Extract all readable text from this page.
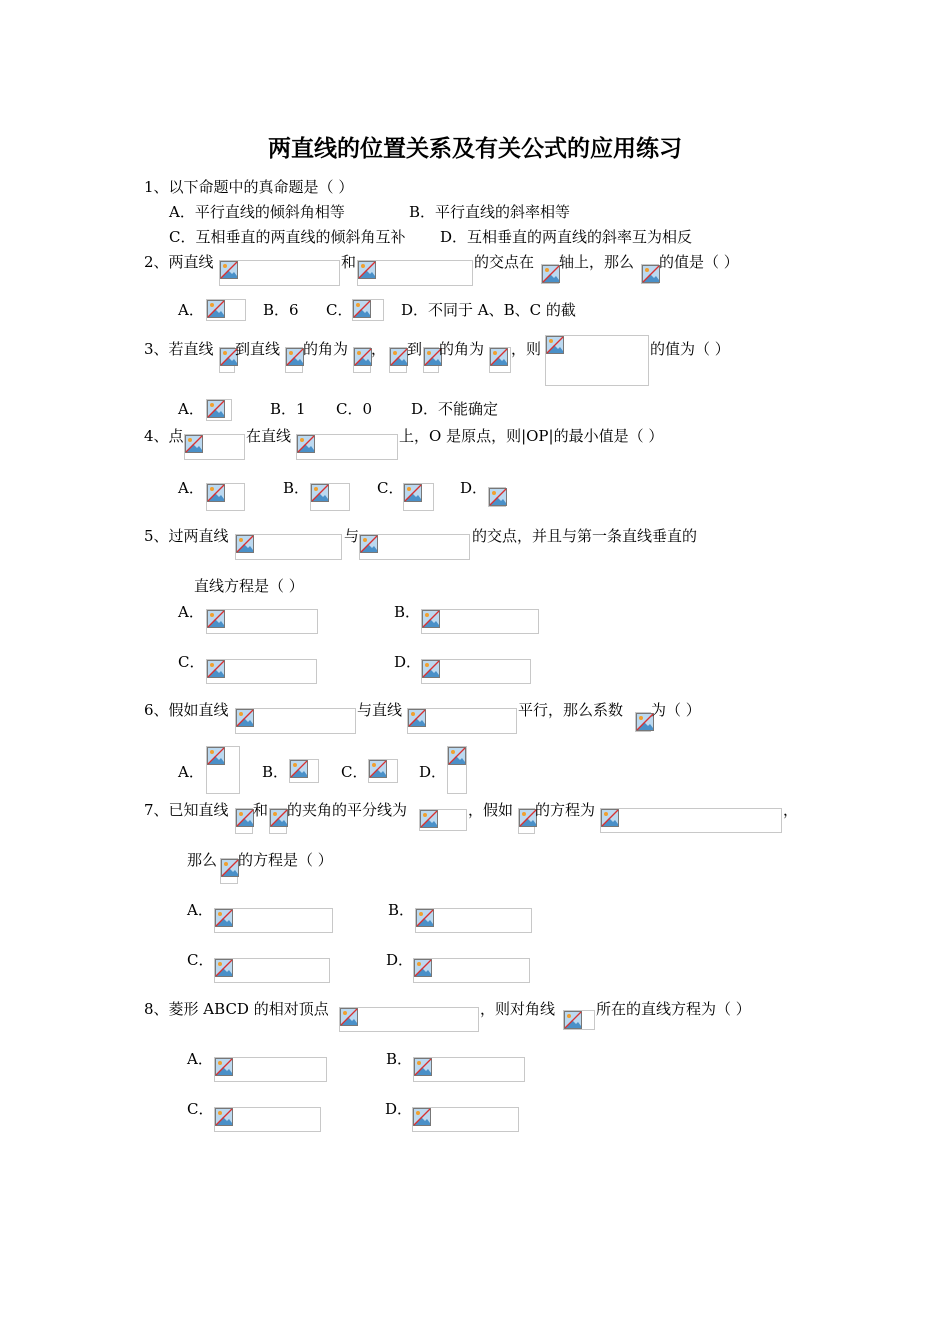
两直线的位置关系及有关公式的应用练习
1、以下命题中的真命题是（ ）
A．平行直线的倾斜角相等	B．平行直线的斜率相等
C．互相垂直的两直线的倾斜角互补 D．互相垂直的两直线的斜率互为相反
2、两直线	和	的交点在 轴上，那么 的值是（ ）
A．	B．6 C．	D．不同于 A、B、C 的截
3、若直线 到直线 的角为 ， 到 的角为 ，则	的值为（ ）
A．	B．1 C．0	D．不能确定
4、点	在直线	上，O 是原点，则|OP|的最小值是（ ）
A．	B．	C．	D．
5、过两直线	与	的交点，并且与第一条直线垂直的
直线方程是（ ）
A．	B．
C．	D．
6、假如直线	与直线	平行，那么系数 为（ ）
A．	B．	C．	D．
7、已知直线 和 的夹角的平分线为	，假如 的方程为	，
那么 的方程是（ ）
A．	B．
C．	D．
8、菱形 ABCD 的相对顶点	，则对角线	所在的直线方程为（ ）
A．	B．
C．	D．
